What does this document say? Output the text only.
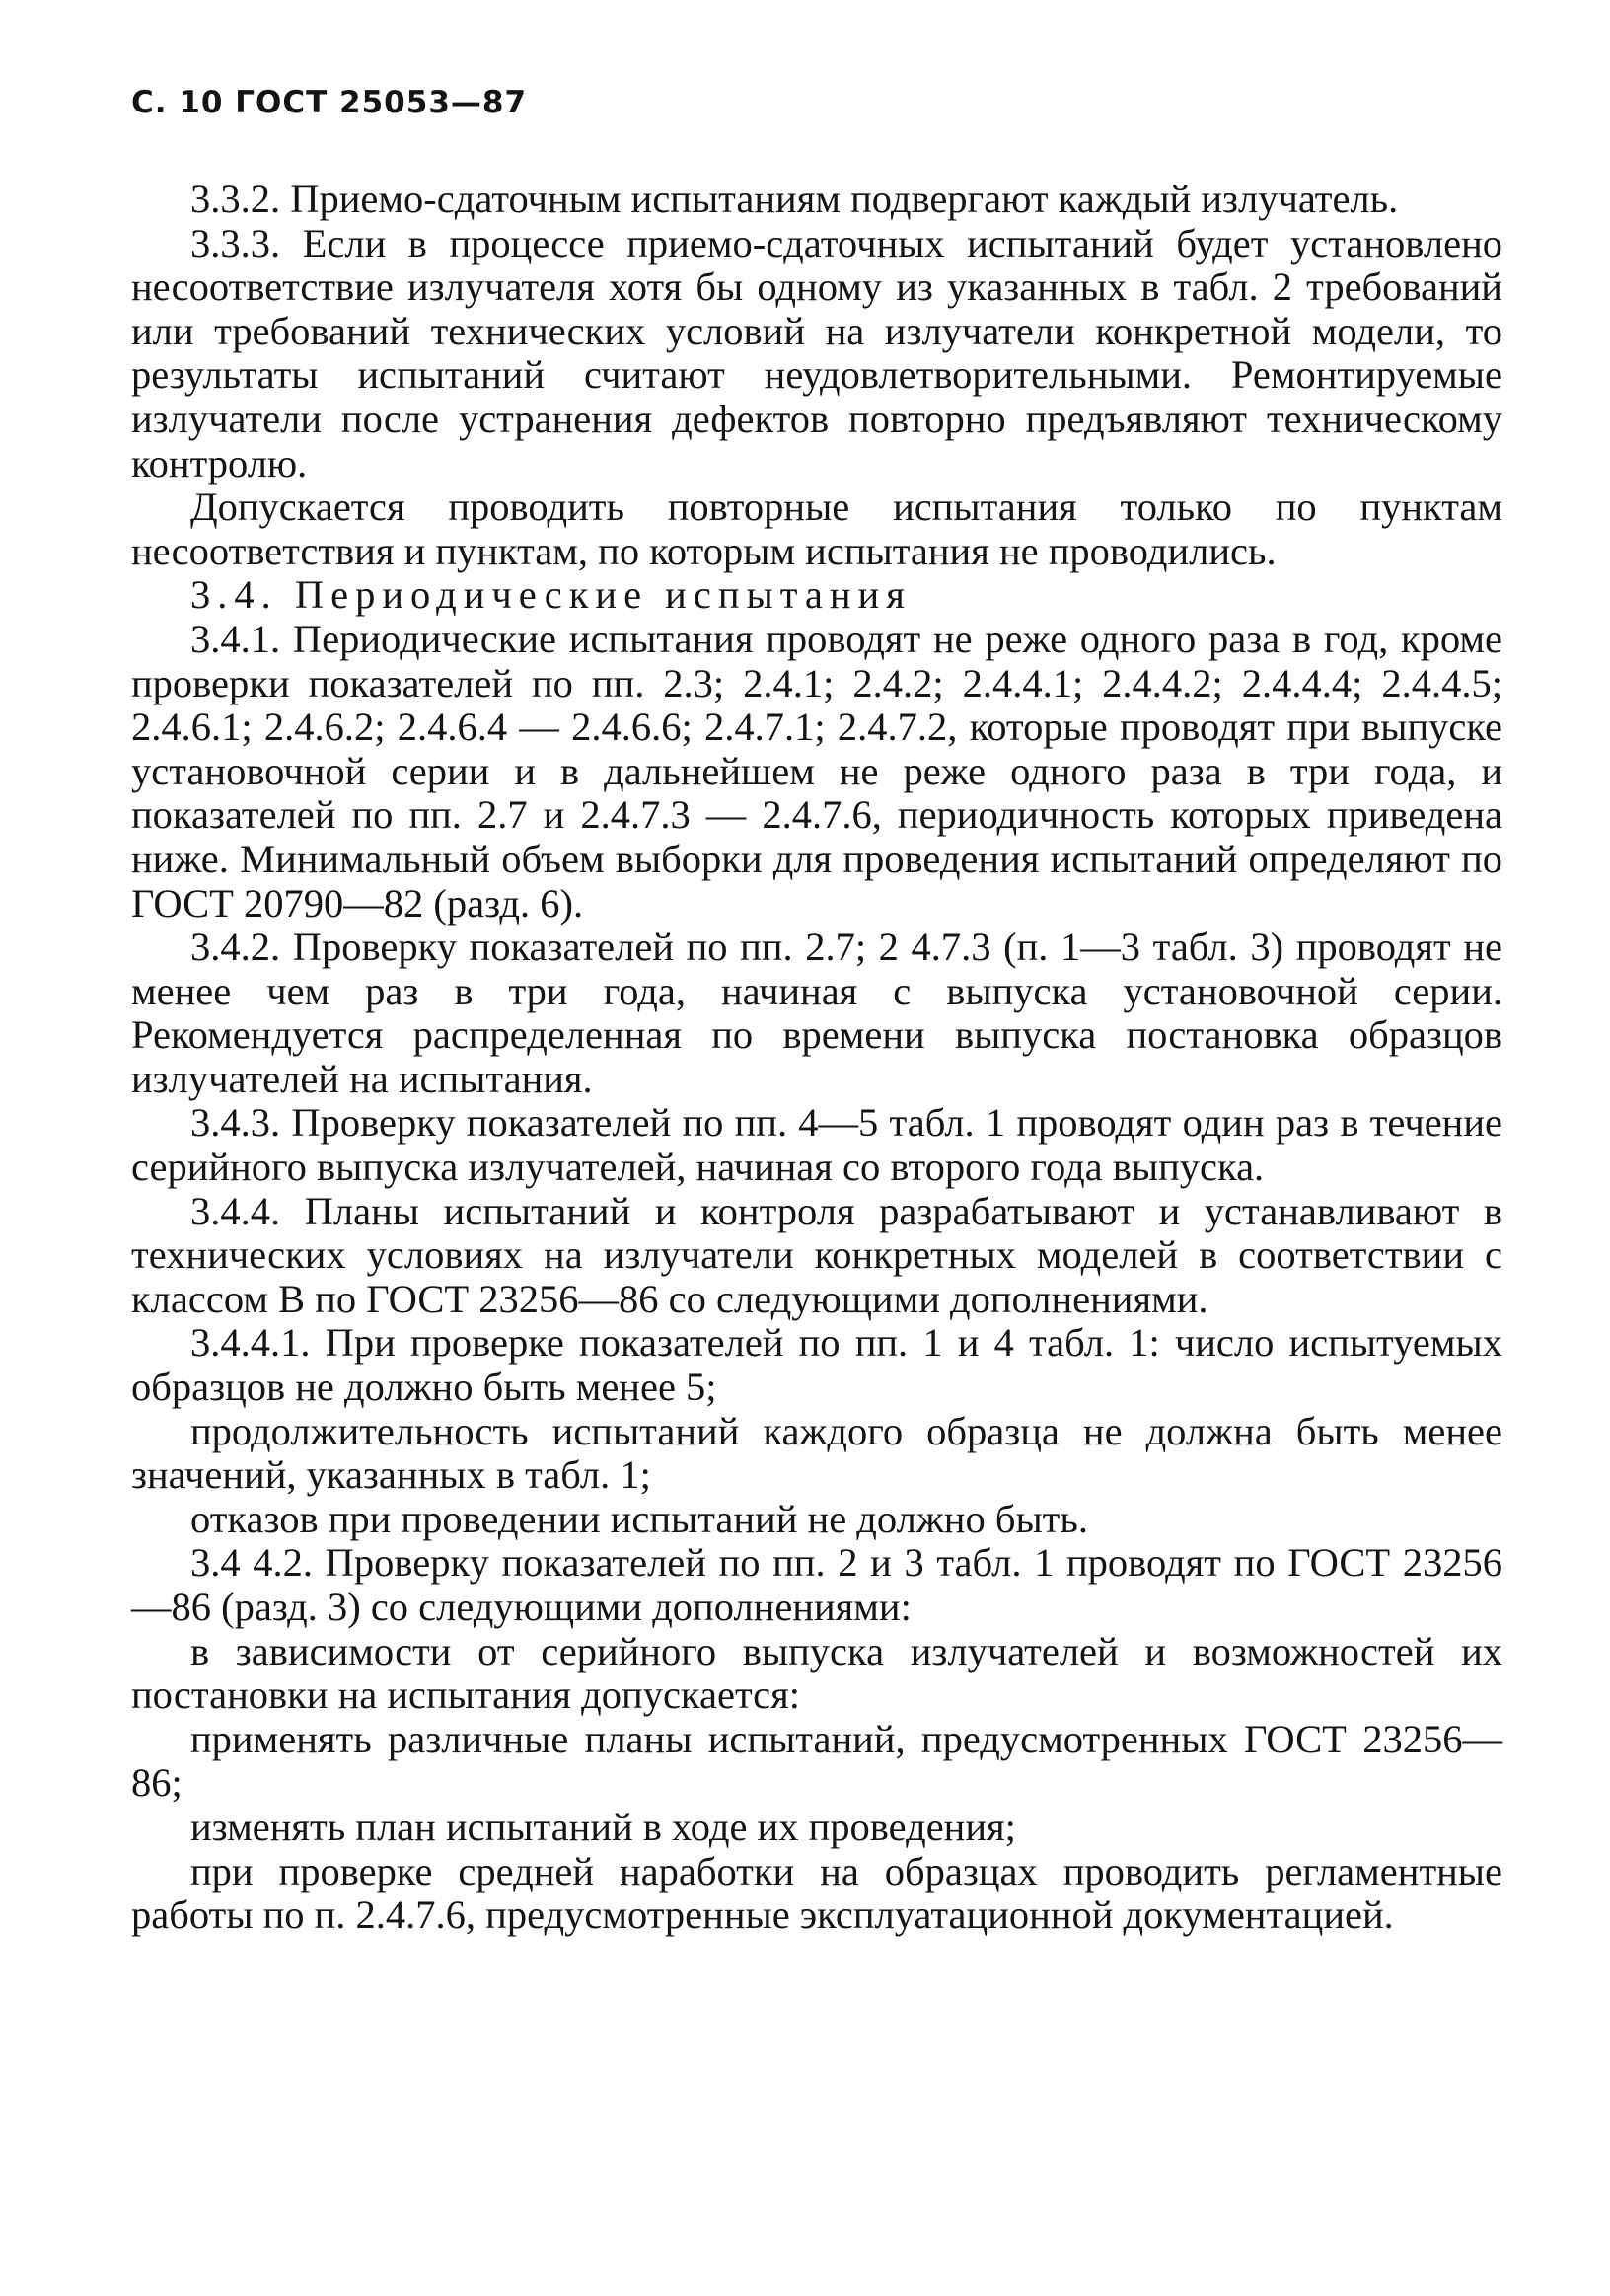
С. 10 ГОСТ 25053—87

3.3.2. Приемо-сдаточным испытаниям подвергают каждый излучатель.

3.3.3. Если в процессе приемо-сдаточных испытаний будет установлено несоответствие излучателя хотя бы одному из указанных в табл. 2 требований или требований технических условий на излучатели конкретной модели, то результаты испытаний считают неудовлетворительными. Ремонтируемые излучатели после устранения дефектов повторно предъявляют техническому контролю.

Допускается проводить повторные испытания только по пунктам несоответствия и пунктам, по которым испытания не проводились.

3.4. Периодические испытания

3.4.1. Периодические испытания проводят не реже одного раза в год, кроме проверки показателей по пп. 2.3; 2.4.1; 2.4.2; 2.4.4.1; 2.4.4.2; 2.4.4.4; 2.4.4.5; 2.4.6.1; 2.4.6.2; 2.4.6.4 — 2.4.6.6; 2.4.7.1; 2.4.7.2, которые проводят при выпуске установочной серии и в дальнейшем не реже одного раза в три года, и показателей по пп. 2.7 и 2.4.7.3 — 2.4.7.6, периодичность которых приведена ниже. Минимальный объем выборки для проведения испытаний определяют по ГОСТ 20790—82 (разд. 6).

3.4.2. Проверку показателей по пп. 2.7; 2 4.7.3 (п. 1—3 табл. 3) проводят не менее чем раз в три года, начиная с выпуска установочной серии. Рекомендуется распределенная по времени выпуска постановка образцов излучателей на испытания.

3.4.3. Проверку показателей по пп. 4—5 табл. 1 проводят один раз в течение серийного выпуска излучателей, начиная со второго года выпуска.

3.4.4. Планы испытаний и контроля разрабатывают и устанавливают в технических условиях на излучатели конкретных моделей в соответствии с классом В по ГОСТ 23256—86 со следующими дополнениями.

3.4.4.1. При проверке показателей по пп. 1 и 4 табл. 1: число испытуемых образцов не должно быть менее 5;

продолжительность испытаний каждого образца не должна быть менее значений, указанных в табл. 1;

отказов при проведении испытаний не должно быть.

3.4 4.2. Проверку показателей по пп. 2 и 3 табл. 1 проводят по ГОСТ 23256—86 (разд. 3) со следующими дополнениями:

в зависимости от серийного выпуска излучателей и возможностей их постановки на испытания допускается:

применять различные планы испытаний, предусмотренных ГОСТ 23256—86;

изменять план испытаний в ходе их проведения;

при проверке средней наработки на образцах проводить регламентные работы по п. 2.4.7.6, предусмотренные эксплуатационной документацией.
